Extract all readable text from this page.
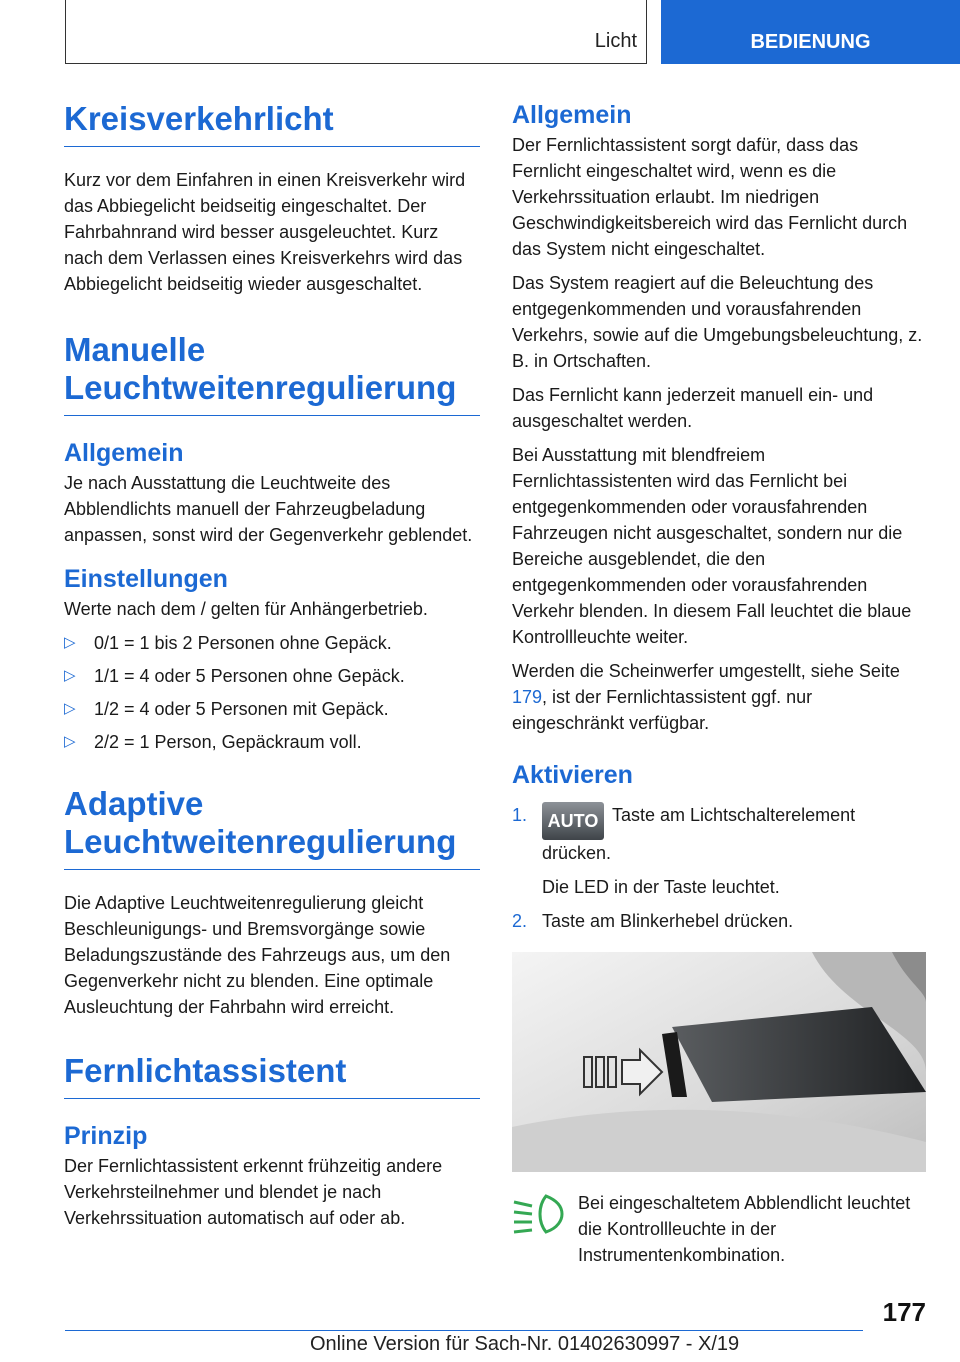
Licht	BEDIENUNG
Kreisverkehrlicht

Kurz vor dem Einfahren in einen Kreisverkehr wird das Abbiegelicht beidseitig eingeschaltet. Der Fahrbahnrand wird besser ausgeleuchtet. Kurz nach dem Verlassen eines Kreisverkehrs wird das Abbiegelicht beidseitig wieder ausgeschaltet.

Manuelle
Leuchtweitenregulierung
Allgemein

Je nach Ausstattung die Leuchtweite des Abblendlichts manuell der Fahrzeugbeladung anpassen, sonst wird der Gegenverkehr geblendet.

Einstellungen

Werte nach dem / gelten für Anhängerbetrieb.

▷ 0/1 = 1 bis 2 Personen ohne Gepäck.
▷ 1/1 = 4 oder 5 Personen ohne Gepäck.
▷ 1/2 = 4 oder 5 Personen mit Gepäck.
▷ 2/2 = 1 Person, Gepäckraum voll.
Adaptive
Leuchtweitenregulierung

Die Adaptive Leuchtweitenregulierung gleicht Beschleunigungs- und Bremsvorgänge sowie Beladungszustände des Fahrzeugs aus, um den Gegenverkehr nicht zu blenden. Eine optimale Ausleuchtung der Fahrbahn wird erreicht.

Fernlichtassistent
Prinzip

Der Fernlichtassistent erkennt frühzeitig andere Verkehrsteilnehmer und blendet je nach Verkehrssituation automatisch auf oder ab.

Allgemein

Der Fernlichtassistent sorgt dafür, dass das Fernlicht eingeschaltet wird, wenn es die Verkehrssituation erlaubt. Im niedrigen Geschwindigkeitsbereich wird das Fernlicht durch das System nicht eingeschaltet.

Das System reagiert auf die Beleuchtung des entgegenkommenden und vorausfahrenden Verkehrs, sowie auf die Umgebungsbeleuchtung, z. B. in Ortschaften.

Das Fernlicht kann jederzeit manuell ein- und ausgeschaltet werden.

Bei Ausstattung mit blendfreiem Fernlichtassistenten wird das Fernlicht bei entgegenkommenden oder vorausfahrenden Fahrzeugen nicht ausgeschaltet, sondern nur die Bereiche ausgeblendet, die den entgegenkommenden oder vorausfahrenden Verkehr blenden. In diesem Fall leuchtet die blaue Kontrollleuchte weiter.

Werden die Scheinwerfer umgestellt, siehe Seite 179, ist der Fernlichtassistent ggf. nur eingeschränkt verfügbar.

Aktivieren
1. AUTO Taste am Lichtschalterelement drücken.
Die LED in der Taste leuchtet.
2. Taste am Blinkerhebel drücken.

Bei eingeschaltetem Abblendlicht leuchtet die Kontrollleuchte in der Instrumentenkombination.

177
Online Version für Sach-Nr. 01402630997 - X/19
